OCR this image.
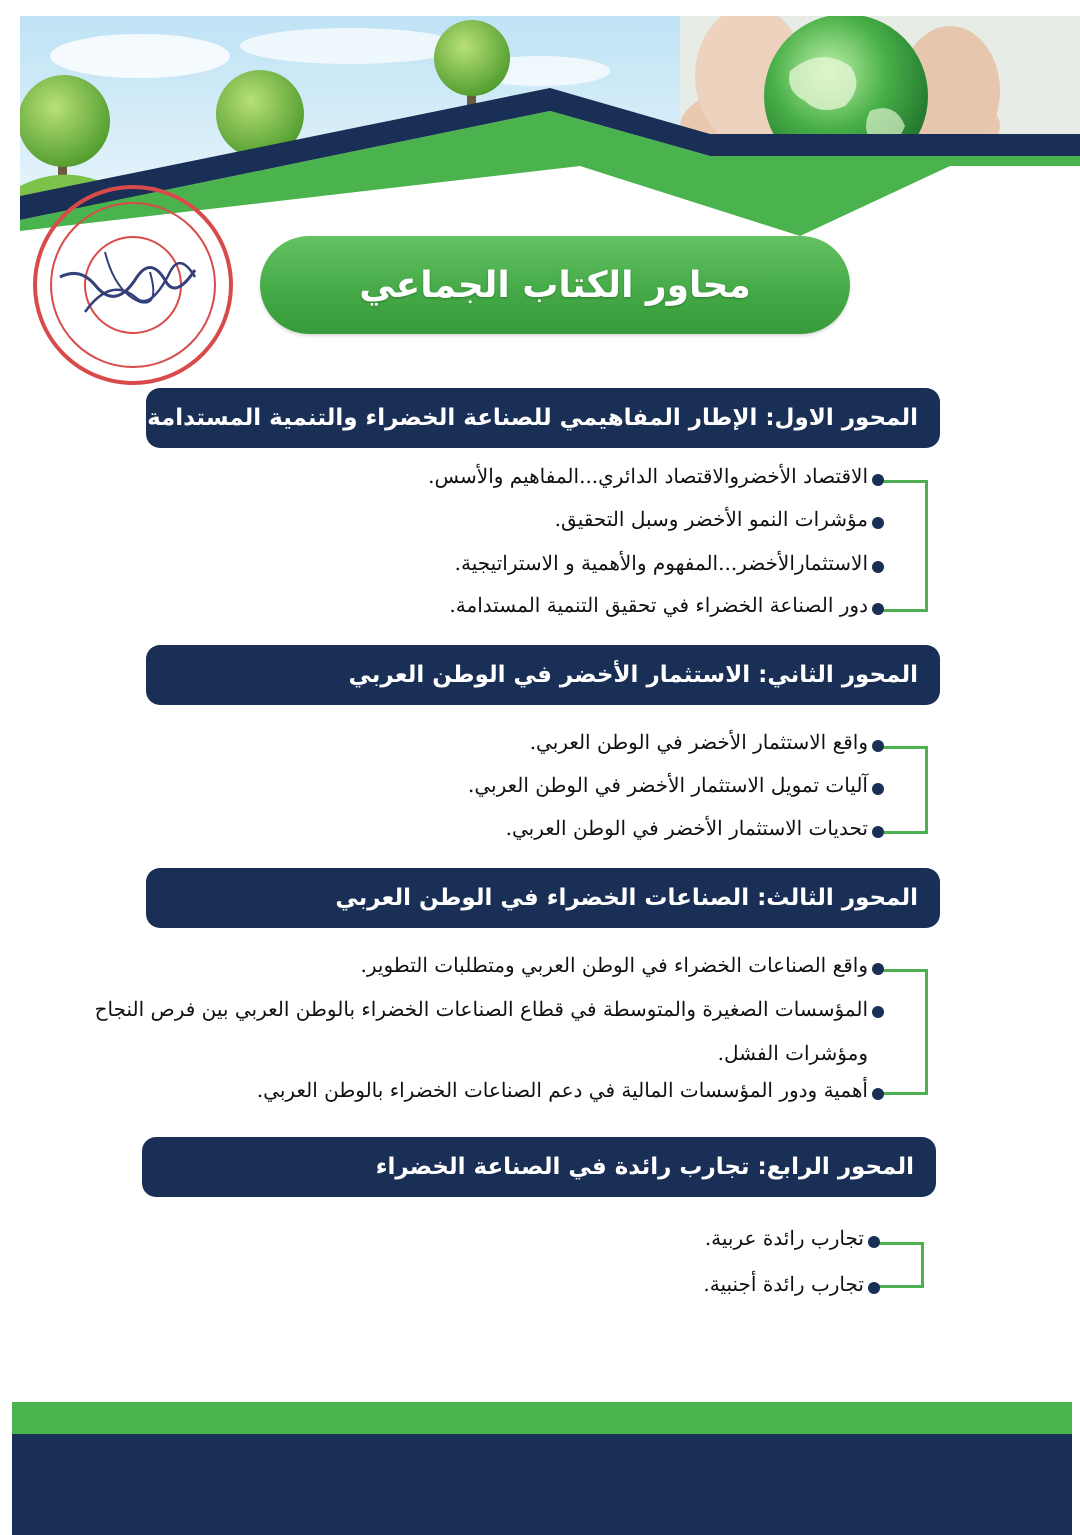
محاور الكتاب الجماعي
المحور الاول: الإطار المفاهيمي للصناعة الخضراء والتنمية المستدامة
الاقتصاد الأخضروالاقتصاد الدائري...المفاهيم والأسس.
مؤشرات النمو الأخضر وسبل التحقيق.
الاستثمارالأخضر...المفهوم والأهمية و الاستراتيجية.
دور الصناعة الخضراء في تحقيق التنمية المستدامة.
المحور الثاني: الاستثمار الأخضر في الوطن العربي
واقع الاستثمار الأخضر في الوطن العربي.
آليات تمويل الاستثمار الأخضر في الوطن العربي.
تحديات الاستثمار الأخضر في الوطن العربي.
المحور الثالث: الصناعات الخضراء في الوطن العربي
واقع الصناعات الخضراء في الوطن العربي ومتطلبات التطوير.
المؤسسات الصغيرة والمتوسطة في قطاع الصناعات الخضراء بالوطن العربي بين فرص النجاح ومؤشرات الفشل.
أهمية ودور المؤسسات المالية في دعم الصناعات الخضراء بالوطن العربي.
المحور الرابع: تجارب رائدة في الصناعة الخضراء
تجارب رائدة عربية.
تجارب رائدة أجنبية.
